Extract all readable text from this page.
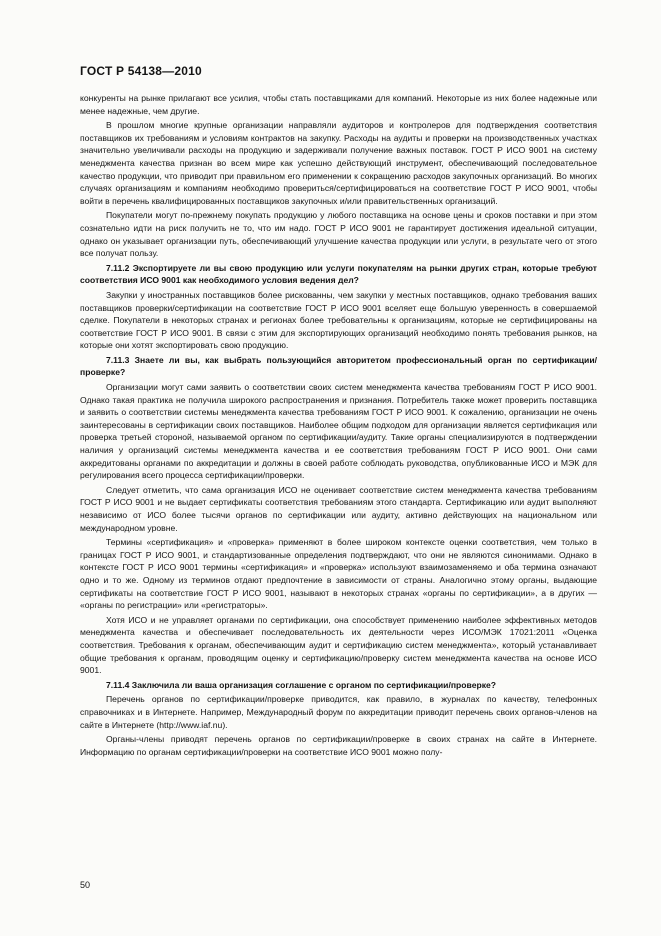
ГОСТ Р 54138—2010

конкуренты на рынке прилагают все усилия, чтобы стать поставщиками для компаний. Некоторые из них более надежные или менее надежные, чем другие.

В прошлом многие крупные организации направляли аудиторов и контролеров для подтверждения соответствия поставщиков их требованиям и условиям контрактов на закупку. Расходы на аудиты и проверки на производственных участках значительно увеличивали расходы на продукцию и задерживали получение важных поставок. ГОСТ Р ИСО 9001 на систему менеджмента качества признан во всем мире как успешно действующий инструмент, обеспечивающий последовательное качество продукции, что приводит при правильном его применении к сокращению расходов закупочных организаций. Во многих случаях организациям и компаниям необходимо провериться/сертифицироваться на соответствие ГОСТ Р ИСО 9001, чтобы войти в перечень квалифицированных поставщиков закупочных и/или правительственных организаций.

Покупатели могут по-прежнему покупать продукцию у любого поставщика на основе цены и сроков поставки и при этом сознательно идти на риск получить не то, что им надо. ГОСТ Р ИСО 9001 не гарантирует достижения идеальной ситуации, однако он указывает организации путь, обеспечивающий улучшение качества продукции или услуги, в результате чего от этого все получат пользу.

7.11.2 Экспортируете ли вы свою продукцию или услуги покупателям на рынки других стран, которые требуют соответствия ИСО 9001 как необходимого условия ведения дел?

Закупки у иностранных поставщиков более рискованны, чем закупки у местных поставщиков, однако требования ваших поставщиков проверки/сертификации на соответствие ГОСТ Р ИСО 9001 вселяет еще большую уверенность в совершаемой сделке. Покупатели в некоторых странах и регионах более требовательны к организациям, которые не сертифицированы на соответствие ГОСТ Р ИСО 9001. В связи с этим для экспортирующих организаций необходимо понять требования рынков, на которые они хотят экспортировать свою продукцию.

7.11.3 Знаете ли вы, как выбрать пользующийся авторитетом профессиональный орган по сертификации/проверке?

Организации могут сами заявить о соответствии своих систем менеджмента качества требованиям ГОСТ Р ИСО 9001. Однако такая практика не получила широкого распространения и признания. Потребитель также может проверить поставщика и заявить о соответствии системы менеджмента качества требованиям ГОСТ Р ИСО 9001. К сожалению, организации не очень заинтересованы в сертификации своих поставщиков. Наиболее общим подходом для организации является сертификация или проверка третьей стороной, называемой органом по сертификации/аудиту. Такие органы специализируются в подтверждении наличия у организаций системы менеджмента качества и ее соответствия требованиям ГОСТ Р ИСО 9001. Они сами аккредитованы органами по аккредитации и должны в своей работе соблюдать руководства, опубликованные ИСО и МЭК для регулирования всего процесса сертификации/проверки.

Следует отметить, что сама организация ИСО не оценивает соответствие систем менеджмента качества требованиям ГОСТ Р ИСО 9001 и не выдает сертификаты соответствия требованиям этого стандарта. Сертификацию или аудит выполняют независимо от ИСО более тысячи органов по сертификации или аудиту, активно действующих на национальном или международном уровне.

Термины «сертификация» и «проверка» применяют в более широком контексте оценки соответствия, чем только в границах ГОСТ Р ИСО 9001, и стандартизованные определения подтверждают, что они не являются синонимами. Однако в контексте ГОСТ Р ИСО 9001 термины «сертификация» и «проверка» используют взаимозаменяемо и оба термина означают одно и то же. Одному из терминов отдают предпочтение в зависимости от страны. Аналогично этому органы, выдающие сертификаты на соответствие ГОСТ Р ИСО 9001, называют в некоторых странах «органы по сертификации», а в других — «органы по регистрации» или «регистраторы».

Хотя ИСО и не управляет органами по сертификации, она способствует применению наиболее эффективных методов менеджмента качества и обеспечивает последовательность их деятельности через ИСО/МЭК 17021:2011 «Оценка соответствия. Требования к органам, обеспечивающим аудит и сертификацию систем менеджмента», который устанавливает общие требования к органам, проводящим оценку и сертификацию/проверку систем менеджмента качества на основе ИСО 9001.

7.11.4 Заключила ли ваша организация соглашение с органом по сертификации/проверке?

Перечень органов по сертификации/проверке приводится, как правило, в журналах по качеству, телефонных справочниках и в Интернете. Например, Международный форум по аккредитации приводит перечень своих органов-членов на сайте в Интернете (http://www.iaf.nu).

Органы-члены приводят перечень органов по сертификации/проверке в своих странах на сайте в Интернете. Информацию по органам сертификации/проверки на соответствие ИСО 9001 можно полу-

50
